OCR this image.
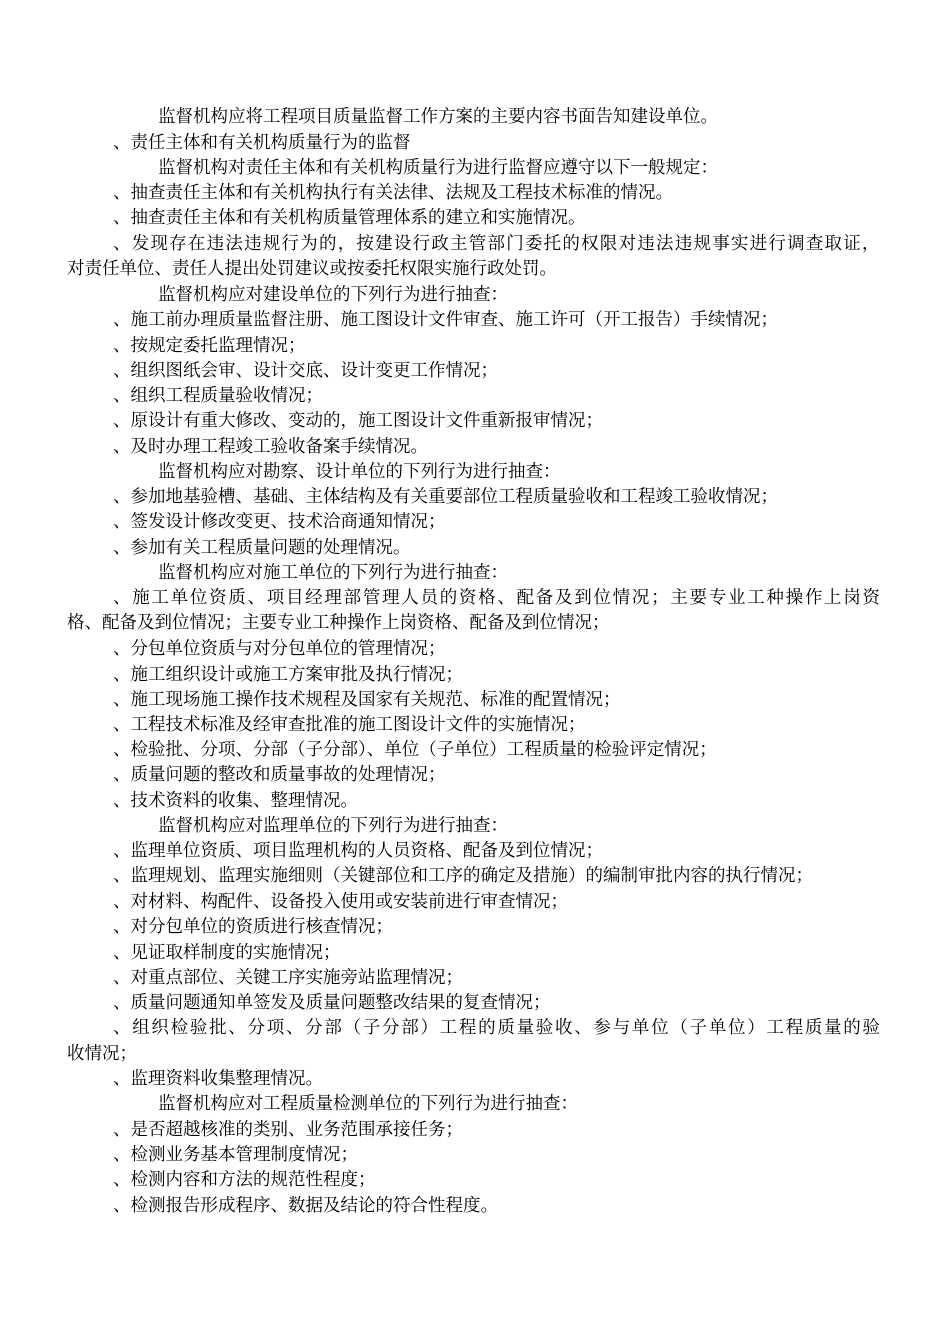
监督机构应将工程项目质量监督工作方案的主要内容书面告知建设单位。
、责任主体和有关机构质量行为的监督
监督机构对责任主体和有关机构质量行为进行监督应遵守以下一般规定：
、抽查责任主体和有关机构执行有关法律、法规及工程技术标准的情况。
、抽查责任主体和有关机构质量管理体系的建立和实施情况。
、发现存在违法违规行为的，按建设行政主管部门委托的权限对违法违规事实进行调查取证，
对责任单位、责任人提出处罚建议或按委托权限实施行政处罚。
监督机构应对建设单位的下列行为进行抽查：
、施工前办理质量监督注册、施工图设计文件审查、施工许可（开工报告）手续情况；
、按规定委托监理情况；
、组织图纸会审、设计交底、设计变更工作情况；
、组织工程质量验收情况；
、原设计有重大修改、变动的，施工图设计文件重新报审情况；
、及时办理工程竣工验收备案手续情况。
监督机构应对勘察、设计单位的下列行为进行抽查：
、参加地基验槽、基础、主体结构及有关重要部位工程质量验收和工程竣工验收情况；
、签发设计修改变更、技术洽商通知情况；
、参加有关工程质量问题的处理情况。
监督机构应对施工单位的下列行为进行抽查：
、施工单位资质、项目经理部管理人员的资格、配备及到位情况；主要专业工种操作上岗资
格、配备及到位情况；主要专业工种操作上岗资格、配备及到位情况；
、分包单位资质与对分包单位的管理情况；
、施工组织设计或施工方案审批及执行情况；
、施工现场施工操作技术规程及国家有关规范、标准的配置情况；
、工程技术标准及经审查批准的施工图设计文件的实施情况；
、检验批、分项、分部（子分部）、单位（子单位）工程质量的检验评定情况；
、质量问题的整改和质量事故的处理情况；
、技术资料的收集、整理情况。
监督机构应对监理单位的下列行为进行抽查：
、监理单位资质、项目监理机构的人员资格、配备及到位情况；
、监理规划、监理实施细则（关键部位和工序的确定及措施）的编制审批内容的执行情况；
、对材料、构配件、设备投入使用或安装前进行审查情况；
、对分包单位的资质进行核查情况；
、见证取样制度的实施情况；
、对重点部位、关键工序实施旁站监理情况；
、质量问题通知单签发及质量问题整改结果的复查情况；
、组织检验批、分项、分部（子分部）工程的质量验收、参与单位（子单位）工程质量的验
收情况；
、监理资料收集整理情况。
监督机构应对工程质量检测单位的下列行为进行抽查：
、是否超越核准的类别、业务范围承接任务；
、检测业务基本管理制度情况；
、检测内容和方法的规范性程度；
、检测报告形成程序、数据及结论的符合性程度。
